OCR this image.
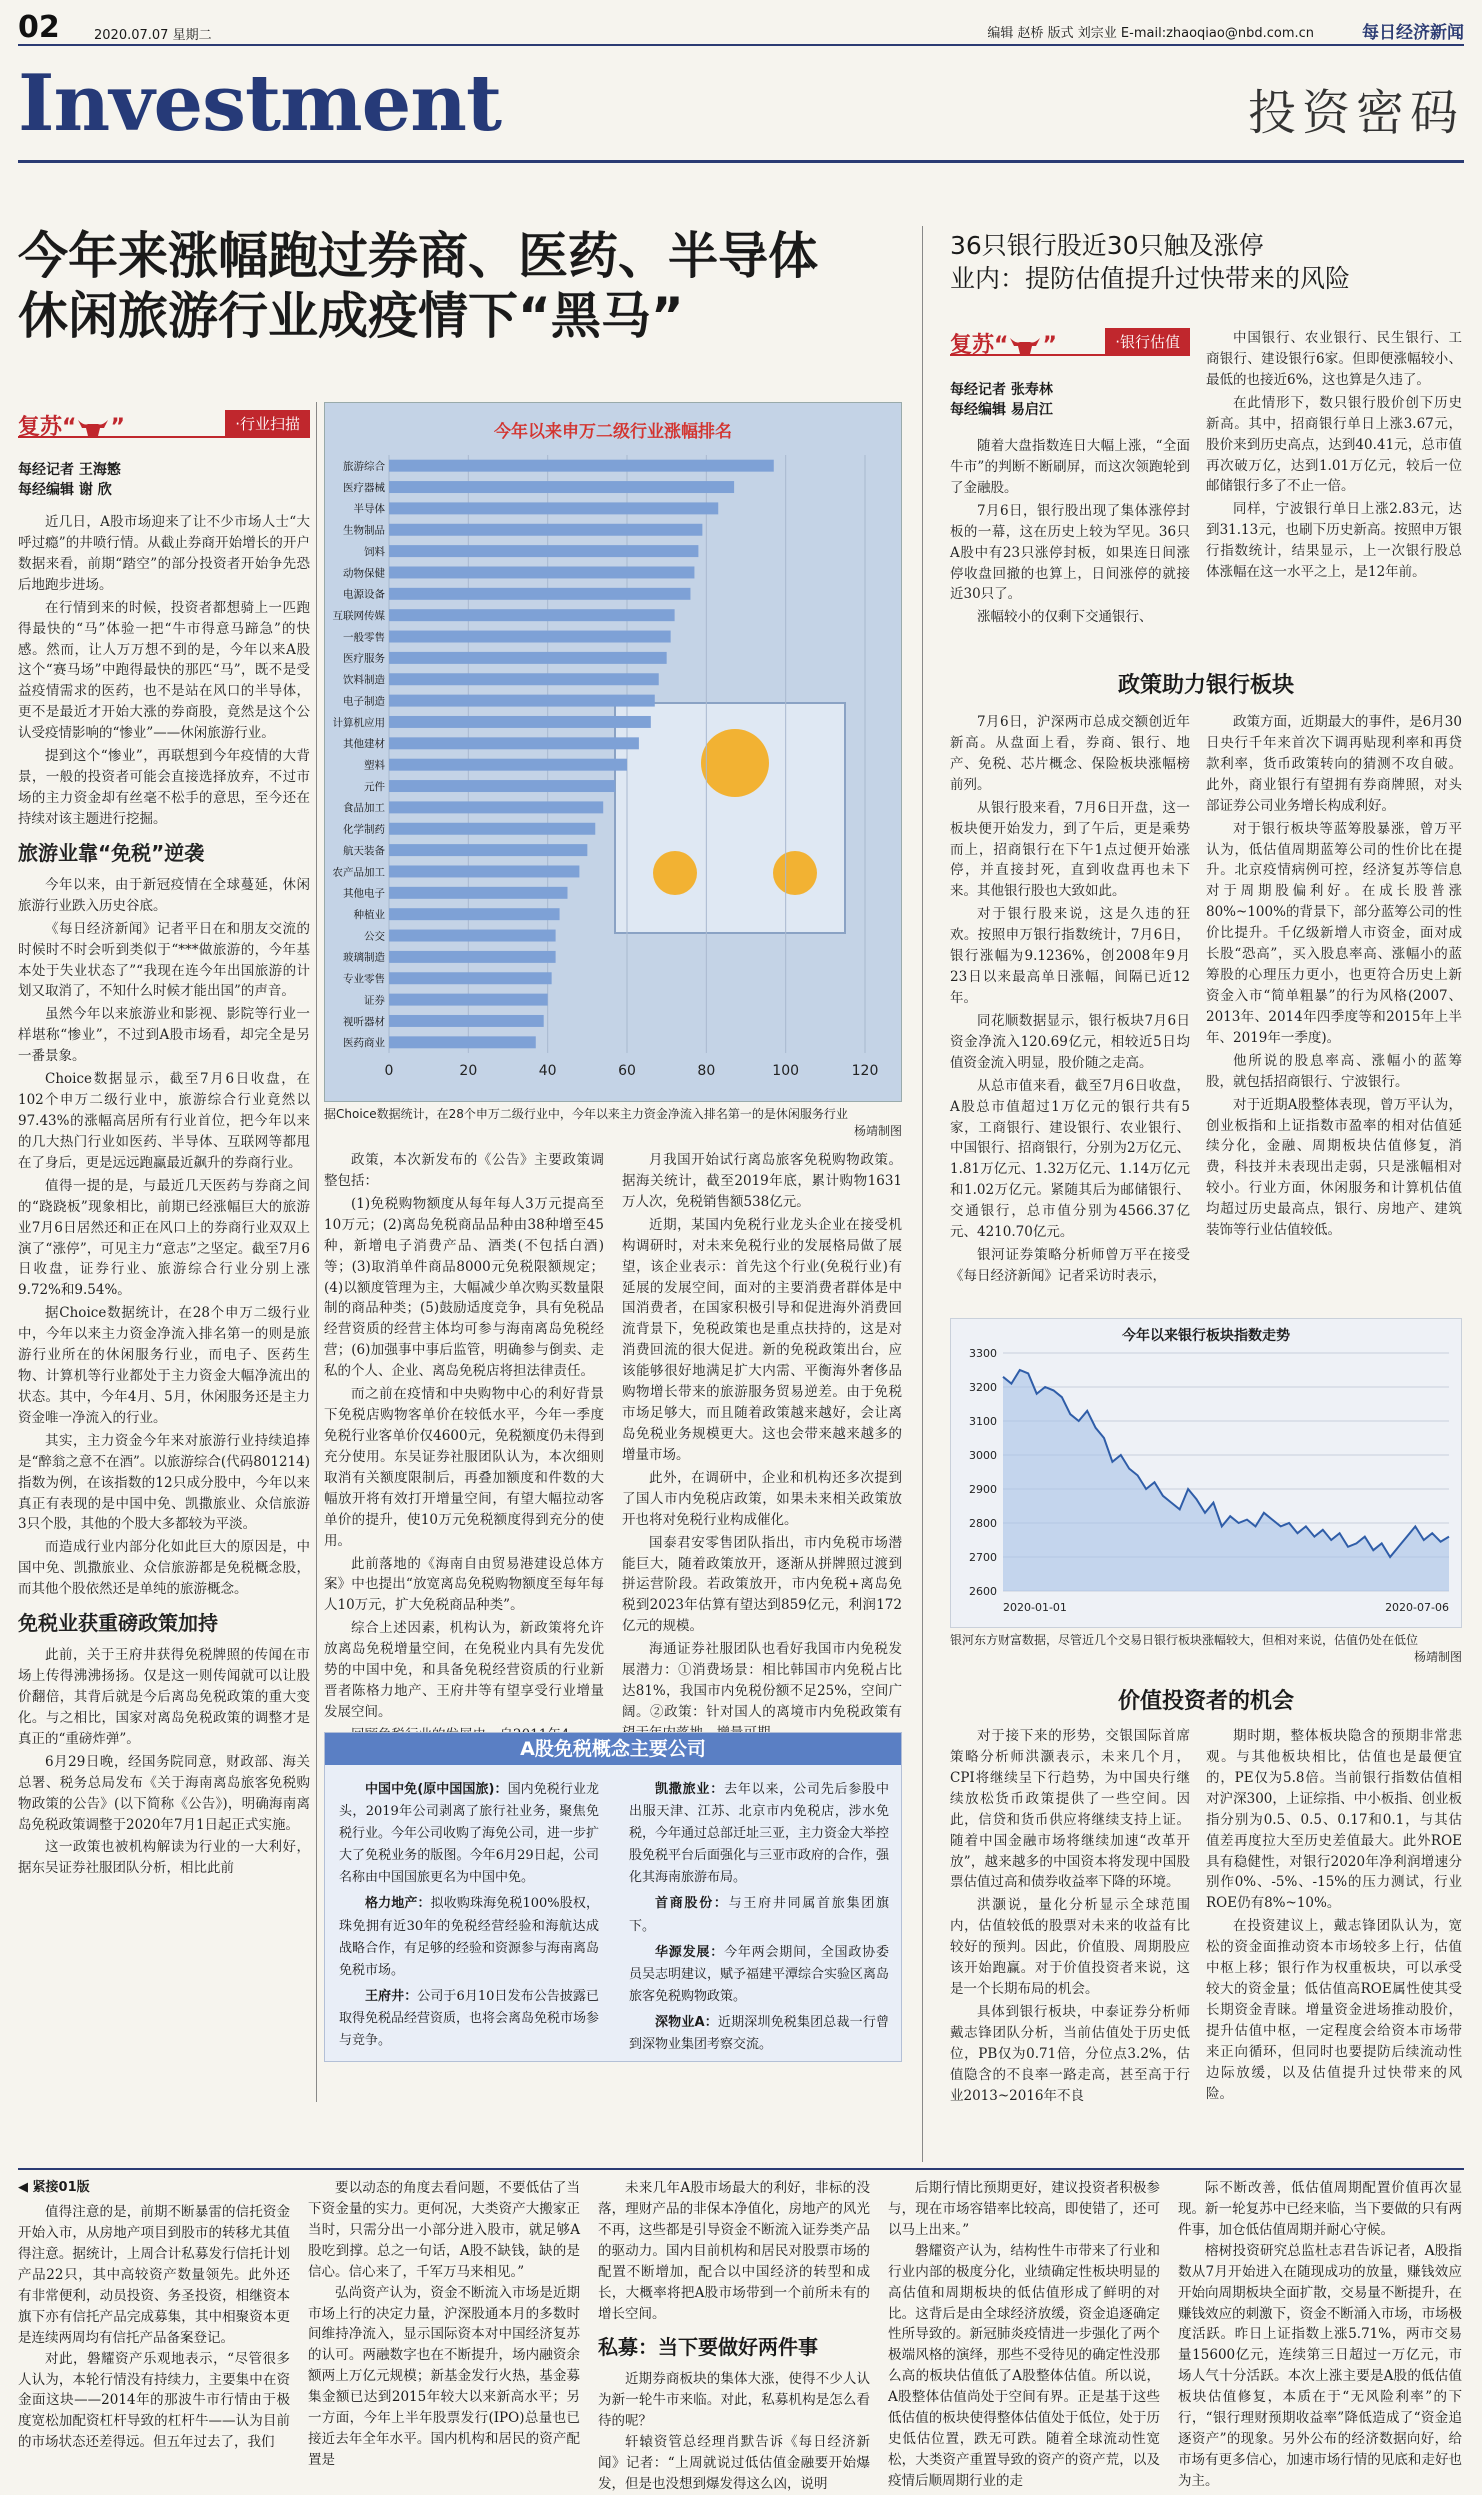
02	2020.07.07 星期二	编辑 赵桥 版式 刘宗业 E-mail:zhaoqiao@nbd.com.cn	每日经济新闻
Investment	投资密码
今年来涨幅跑过券商、医药、半导体
休闲旅游行业成疫情下“黑马”
复苏“ ”	·行业扫描
每经记者 王海慜
每经编辑 谢 欣

近几日，A股市场迎来了让不少市场人士“大呼过瘾”的井喷行情。从截止券商开始增长的开户数据来看，前期“踏空”的部分投资者开始争先恐后地跑步进场。

在行情到来的时候，投资者都想骑上一匹跑得最快的“马”体验一把“牛市得意马蹄急”的快感。然而，让人万万想不到的是，今年以来A股这个“赛马场”中跑得最快的那匹“马”，既不是受益疫情需求的医药，也不是站在风口的半导体，更不是最近才开始大涨的券商股，竟然是这个公认受疫情影响的“惨业”——休闲旅游行业。

提到这个“惨业”，再联想到今年疫情的大背景，一般的投资者可能会直接选择放弃，不过市场的主力资金却有丝毫不松手的意思，至今还在持续对该主题进行挖掘。

旅游业靠“免税”逆袭

今年以来，由于新冠疫情在全球蔓延，休闲旅游行业跌入历史谷底。

《每日经济新闻》记者平日在和朋友交流的时候时不时会听到类似于“***做旅游的，今年基本处于失业状态了”“我现在连今年出国旅游的计划又取消了，不知什么时候才能出国”的声音。

虽然今年以来旅游业和影视、影院等行业一样堪称“惨业”，不过到A股市场看，却完全是另一番景象。

Choice数据显示，截至7月6日收盘，在102个申万二级行业中，旅游综合行业竟然以97.43%的涨幅高居所有行业首位，把今年以来的几大热门行业如医药、半导体、互联网等都甩在了身后，更是远远跑赢最近飙升的券商行业。

值得一提的是，与最近几天医药与券商之间的“跷跷板”现象相比，前期已经涨幅巨大的旅游业7月6日居然还和正在风口上的券商行业双双上演了“涨停”，可见主力“意志”之坚定。截至7月6日收盘，证券行业、旅游综合行业分别上涨9.72%和9.54%。

据Choice数据统计，在28个申万二级行业中，今年以来主力资金净流入排名第一的则是旅游行业所在的休闲服务行业，而电子、医药生物、计算机等行业都处于主力资金大幅净流出的状态。其中，今年4月、5月，休闲服务还是主力资金唯一净流入的行业。

其实，主力资金今年来对旅游行业持续追捧是“醉翁之意不在酒”。以旅游综合(代码801214)指数为例，在该指数的12只成分股中，今年以来真正有表现的是中国中免、凯撒旅业、众信旅游3只个股，其他的个股大多都较为平淡。

而造成行业内部分化如此巨大的原因是，中国中免、凯撒旅业、众信旅游都是免税概念股，而其他个股依然还是单纯的旅游概念。

免税业获重磅政策加持

此前，关于王府井获得免税牌照的传闻在市场上传得沸沸扬扬。仅是这一则传闻就可以让股价翻倍，其背后就是今后离岛免税政策的重大变化。与之相比，国家对离岛免税政策的调整才是真正的“重磅炸弹”。

6月29日晚，经国务院同意，财政部、海关总署、税务总局发布《关于海南离岛旅客免税购物政策的公告》(以下简称《公告》)，明确海南离岛免税政策调整于2020年7月1日起正式实施。

这一政策也被机构解读为行业的一大利好，据东吴证券社服团队分析，相比此前

今年以来申万二级行业涨幅排名
0	20	40	60	80	100	120
旅游综合
医疗器械
半导体
生物制品
饲料
动物保健
电源设备
互联网传媒
一般零售
医疗服务
饮料制造
电子制造
计算机应用
其他建材
塑料
元件
食品加工
化学制药
航天装备
农产品加工
其他电子
种植业
公交
玻璃制造
专业零售
证券
视听器材
医药商业
据Choice数据统计，在28个申万二级行业中，今年以来主力资金净流入排名第一的是休闲服务行业
杨靖制图

政策，本次新发布的《公告》主要政策调整包括：

(1)免税购物额度从每年每人3万元提高至10万元；(2)离岛免税商品品种由38种增至45种，新增电子消费产品、酒类(不包括白酒)等；(3)取消单件商品8000元免税限额规定；(4)以额度管理为主，大幅减少单次购买数量限制的商品种类；(5)鼓励适度竞争，具有免税品经营资质的经营主体均可参与海南离岛免税经营；(6)加强事中事后监管，明确参与倒卖、走私的个人、企业、离岛免税店将担法律责任。

而之前在疫情和中央购物中心的利好背景下免税店购物客单价在较低水平，今年一季度免税行业客单价仅4600元，免税额度仍未得到充分使用。东吴证券社服团队认为，本次细则取消有关额度限制后，再叠加额度和件数的大幅放开将有效打开增量空间，有望大幅拉动客单价的提升，使10万元免税额度得到充分的使用。

此前落地的《海南自由贸易港建设总体方案》中也提出“放宽离岛免税购物额度至每年每人10万元，扩大免税商品种类”。

综合上述因素，机构认为，新政策将允许放离岛免税增量空间，在免税业内具有先发优势的中国中免，和具备免税经营资质的行业新晋者陈格力地产、王府井等有望享受行业增量发展空间。

月我国开始试行离岛旅客免税购物政策。据海关统计，截至2019年底，累计购物1631万人次，免税销售额538亿元。

近期，某国内免税行业龙头企业在接受机构调研时，对未来免税行业的发展格局做了展望，该企业表示：首先这个行业(免税行业)有延展的发展空间，面对的主要消费者群体是中国消费者，在国家积极引导和促进海外消费回流背景下，免税政策也是重点扶持的，这是对消费回流的很大促进。新的免税政策出台，应该能够很好地满足扩大内需、平衡海外奢侈品购物增长带来的旅游服务贸易逆差。由于免税市场足够大，而且随着政策越来越好，会让离岛免税业务规模更大。这也会带来越来越多的增量市场。

此外，在调研中，企业和机构还多次提到了国人市内免税店政策，如果未来相关政策放开也将对免税行业构成催化。

国泰君安零售团队指出，市内免税市场潜能巨大，随着政策放开，逐渐从拼牌照过渡到拼运营阶段。若政策放开，市内免税+离岛免税到2023年估算有望达到859亿元，利润172亿元的规模。

海通证券社服团队也看好我国市内免税发展潜力：①消费场景：相比韩国市内免税占比达81%，我国市内免税份额不足25%，空间广阔。②政策：针对国人的离境市内免税政策有

A股免税概念主要公司
中国中免(原中国国旅)：国内免税行业龙头，2019年公司剥离了旅行社业务，聚焦免税行业。今年公司收购了海免公司，进一步扩大了免税业务的版图。今年6月29日起，公司名称由中国国旅更名为中国中免。
格力地产：拟收购珠海免税100%股权，珠免拥有近30年的免税经营经验和海航达成战略合作，有足够的经验和资源参与海南离岛免税市场。
王府井：公司于6月10日发布公告披露已取得免税品经营资质，也将会离岛免税市场参与竞争。
凯撒旅业：去年以来，公司先后参股中出服天津、江苏、北京市内免税店，涉水免税，今年通过总部迁址三亚，主力资金大举控股免税平台后面强化与三亚市政府的合作，强化其海南旅游布局。
首商股份：与王府井同属首旅集团旗下。
华源发展：今年两会期间，全国政协委员吴志明建议，赋予福建平潭综合实验区离岛旅客免税购物政策。
深物业A：近期深圳免税集团总裁一行曾到深物业集团考察交流。
36只银行股近30只触及涨停
业内：提防估值提升过快带来的风险
复苏“ ”	·银行估值
每经记者 张寿林
每经编辑 易启江

随着大盘指数连日大幅上涨，“全面牛市”的判断不断刷屏，而这次领跑轮到了金融股。

7月6日，银行股出现了集体涨停封板的一幕，这在历史上较为罕见。36只A股中有23只涨停封板，如果连日间涨停收盘回撤的也算上，日间涨停的就接近30只了。

涨幅较小的仅剩下交通银行、

中国银行、农业银行、民生银行、工商银行、建设银行6家。但即便涨幅较小、最低的也接近6%，这也算是久违了。

在此情形下，数只银行股价创下历史新高。其中，招商银行单日上涨3.67元，股价来到历史高点，达到40.41元，总市值再次破万亿，达到1.01万亿元，较后一位邮储银行多了不止一倍。

同样，宁波银行单日上涨2.83元，达到31.13元，也刷下历史新高。按照申万银行指数统计，结果显示，上一次银行股总体涨幅在这一水平之上，是12年前。

政策助力银行板块

7月6日，沪深两市总成交额创近年新高。从盘面上看，券商、银行、地产、免税、芯片概念、保险板块涨幅榜前列。

从银行股来看，7月6日开盘，这一板块便开始发力，到了午后，更是乘势而上，招商银行在下午1点过便开始涨停，并直接封死，直到收盘再也未下来。其他银行股也大致如此。

对于银行股来说，这是久违的狂欢。按照申万银行指数统计，7月6日，银行涨幅为9.1236%，创2008年9月23日以来最高单日涨幅，间隔已近12年。

同花顺数据显示，银行板块7月6日资金净流入120.69亿元，相较近5日均值资金流入明显，股价随之走高。

从总市值来看，截至7月6日收盘，A股总市值超过1万亿元的银行共有5家，工商银行、建设银行、农业银行、中国银行、招商银行，分别为2万亿元、1.81万亿元、1.32万亿元、1.14万亿元和1.02万亿元。紧随其后为邮储银行、交通银行，总市值分别为4566.37亿元、4210.70亿元。

银河证券策略分析师曾万平在接受《每日经济新闻》记者采访时表示，

政策方面，近期最大的事件，是6月30日央行千年来首次下调再贴现利率和再贷款利率，货币政策转向的猜测不攻自破。此外，商业银行有望拥有券商牌照，对头部证券公司业务增长构成利好。

对于银行板块等蓝筹股暴涨，曾万平认为，低估值周期蓝筹公司的性价比在提升。北京疫情病例可控，经济复苏等信息对于周期股偏利好。在成长股普涨80%~100%的背景下，部分蓝筹公司的性价比提升。千亿级新增人市资金，面对成长股“恐高”，买入股息率高、涨幅小的蓝筹股的心理压力更小，也更符合历史上新资金入市“简单粗暴”的行为风格(2007、2013年、2014年四季度等和2015年上半年、2019年一季度)。

他所说的股息率高、涨幅小的蓝筹股，就包括招商银行、宁波银行。

对于近期A股整体表现，曾万平认为，创业板指和上证指数市盈率的相对估值延续分化，金融、周期板块估值修复，消费，科技并未表现出走弱，只是涨幅相对较小。行业方面，休闲服务和计算机估值均超过历史最高点，银行、房地产、建筑装饰等行业估值较低。

今年以来银行板块指数走势
2600
2700
2800
2900
3000
3100
3200
3300
2020-01-01	2020-07-06
银河东方财富数据，尽管近几个交易日银行板块涨幅较大，但相对来说，估值仍处在低位
杨靖制图
价值投资者的机会

对于接下来的形势，交银国际首席策略分析师洪灏表示，未来几个月，CPI将继续呈下行趋势，为中国央行继续放松货币政策提供了一些空间。因此，信贷和货币供应将继续支持上证。随着中国金融市场将继续加速“改革开放”，越来越多的中国资本将发现中国股票估值过高和债券收益率下降的环境。

洪灏说，量化分析显示全球范围内，估值较低的股票对未来的收益有比较好的预判。因此，价值股、周期股应该开始跑赢。对于价值投资者来说，这是一个长期布局的机会。

具体到银行板块，中泰证券分析师戴志锋团队分析，当前估值处于历史低位，PB仅为0.71倍，分位点3.2%，估值隐含的不良率一路走高，甚至高于行业2013~2016年不良

期时期，整体板块隐含的预期非常悲观。与其他板块相比，估值也是最便宜的，PE仅为5.8倍。当前银行指数估值相对沪深300，上证综指、中小板指、创业板指分别为0.5、0.5、0.17和0.1，与其估值差再度拉大至历史差值最大。此外ROE具有稳健性，对银行2020年净利润增速分别作0%、-5%、-15%的压力测试，行业ROE仍有8%~10%。

在投资建议上，戴志锋团队认为，宽松的资金面推动资本市场较多上行，估值中枢上移；银行作为权重板块，可以承受较大的资金量；低估值高ROE属性使其受长期资金青睐。增量资金进场推动股价，提升估值中枢，一定程度会给资本市场带来正向循环，但同时也要提防后续流动性边际放缓，以及估值提升过快带来的风险。

◀ 紧接01版

值得注意的是，前期不断暴雷的信托资金开始入市，从房地产项目到股市的转移尤其值得注意。据统计，上周合计私募发行信托计划产品22只，其中高较资产数量领先。此外还有非常便利，动员投资、务圣投资，相继资本旗下亦有信托产品完成募集，其中相聚资本更是连续两周均有信托产品备案登记。

对此，磐耀资产乐观地表示，“尽管很多人认为，本轮行情没有持续力，主要集中在资金面这块——2014年的那波牛市行情由于极度宽松加配资杠杆导致的杠杆牛——认为目前的市场状态还差得远。但五年过去了，我们

要以动态的角度去看问题，不要低估了当下资金量的实力。更何况，大类资产大搬家正当时，只需分出一小部分进入股市，就足够A股吃到撑。总之一句话，A股不缺钱，缺的是信心。信心来了，千军万马来相见。”

弘尚资产认为，资金不断流入市场是近期市场上行的决定力量，沪深股通本月的多数时间维持净流入，显示国际资本对中国经济复苏的认可。两融数字也在不断提升，场内融资余额两上万亿元规模；新基金发行火热，基金募集金额已达到2015年较大以来新高水平；另一方面，今年上半年股票发行(IPO)总量也已接近去年全年水平。国内机构和居民的资产配置是

未来几年A股市场最大的利好，非标的没落，理财产品的非保本净值化，房地产的风光不再，这些都是引导资金不断流入证券类产品的驱动力。国内目前机构和居民对股票市场的配置不断增加，配合以中国经济的转型和成长，大概率将把A股市场带到一个前所未有的增长空间。

私募：当下要做好两件事

近期券商板块的集体大涨，使得不少人认为新一轮牛市来临。对此，私募机构是怎么看待的呢？

轩辕资管总经理肖默告诉《每日经济新闻》记者：“上周就说过低估值金融要开始爆发，但是也没想到爆发得这么凶，说明

后期行情比预期更好，建议投资者积极参与，现在市场容错率比较高，即使错了，还可以马上出来。”

磐耀资产认为，结构性牛市带来了行业和行业内部的极度分化，业绩确定性板块明显的高估值和周期板块的低估值形成了鲜明的对比。这背后是由全球经济放缓，资金追逐确定性所导致的。新冠肺炎疫情进一步强化了两个极端风格的演绎，那些不受待见的确定性没那么高的板块估值低了A股整体估值。所以说，A股整体估值尚处于空间有界。正是基于这些低估值的板块使得整体估值处于低位，处于历史低估位置，跌无可跌。随着全球流动性宽松，大类资产重置导致的资产的资产荒，以及疫情后顺周期行业的走

际不断改善，低估值周期配置价值再次显现。新一轮复苏中已经来临，当下要做的只有两件事，加仓低估值周期并耐心守候。

榕树投资研究总监杜志君告诉记者，A股指数从7月开始进入在随现成功的放量，赚钱效应开始向周期板块全面扩散，交易量不断提升，在赚钱效应的刺激下，资金不断涌入市场，市场极度活跃。昨日上证指数上涨5.71%，两市交易量15600亿元，连续第三日超过一万亿元，市场人气十分活跃。本次上涨主要是A股的低估值板块估值修复，本质在于“无风险利率”的下行，“银行理财预期收益率”降低造成了“资金追逐资产”的现象。另外公布的经济数据向好，给市场有更多信心，加速市场行情的见底和走好也为主。
